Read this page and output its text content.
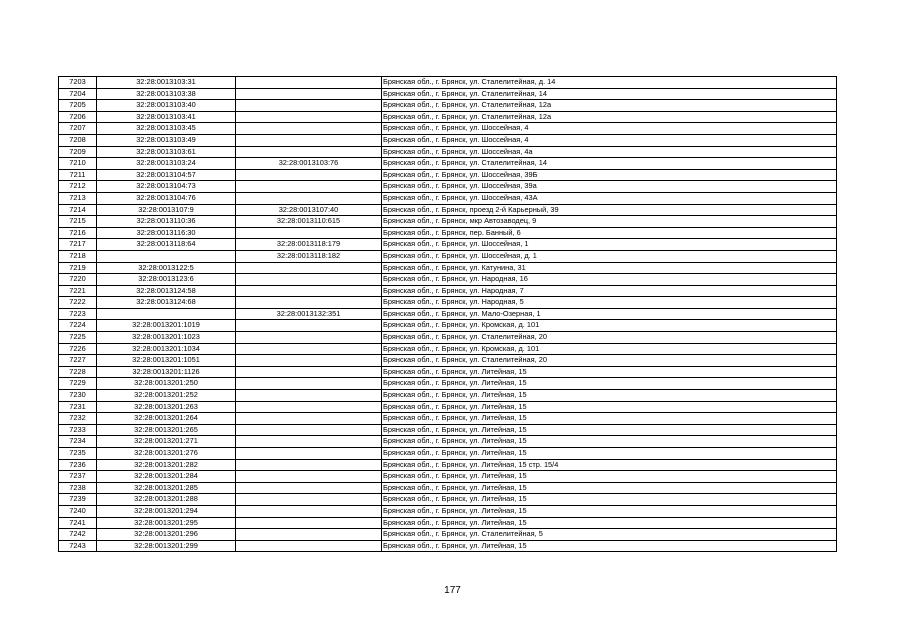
7203	32:28:0013103:31		Брянская обл., г. Брянск, ул. Сталелитейная, д. 14
7204	32:28:0013103:38		Брянская обл., г. Брянск, ул. Сталелитейная, 14
7205	32:28:0013103:40		Брянская обл., г. Брянск, ул. Сталелитейная, 12а
7206	32:28:0013103:41		Брянская обл., г. Брянск, ул. Сталелитейная, 12а
7207	32:28:0013103:45		Брянская обл., г. Брянск, ул. Шоссейная, 4
7208	32:28:0013103:49		Брянская обл., г. Брянск, ул. Шоссейная, 4
7209	32:28:0013103:61		Брянская обл., г. Брянск, ул. Шоссейная, 4а
7210	32:28:0013103:24	32:28:0013103:76	Брянская обл., г. Брянск, ул. Сталелитейная, 14
7211	32:28:0013104:57		Брянская обл., г. Брянск, ул. Шоссейная, 39Б
7212	32:28:0013104:73		Брянская обл., г. Брянск, ул. Шоссейная, 39а
7213	32:28:0013104:76		Брянская обл., г. Брянск, ул. Шоссейная, 43А
7214	32:28:0013107:9	32:28:0013107:40	Брянская обл., г. Брянск, проезд 2-й Карьерный, 39
7215	32:28:0013110:36	32:28:0013110:615	Брянская обл., г. Брянск, мкр Автозаводец, 9
7216	32:28:0013116:30		Брянская обл., г. Брянск, пер. Банный, 6
7217	32:28:0013118:64	32:28:0013118:179	Брянская обл., г. Брянск, ул. Шоссейная, 1
7218		32:28:0013118:182	Брянская обл., г. Брянск, ул. Шоссейная, д. 1
7219	32:28:0013122:5		Брянская обл., г. Брянск, ул. Катунина, 31
7220	32:28:0013123:6		Брянская обл., г. Брянск, ул. Народная, 16
7221	32:28:0013124:58		Брянская обл., г. Брянск, ул. Народная, 7
7222	32:28:0013124:68		Брянская обл., г. Брянск, ул. Народная, 5
7223		32:28:0013132:351	Брянская обл., г. Брянск, ул. Мало-Озерная, 1
7224	32:28:0013201:1019		Брянская обл., г. Брянск, ул. Кромская, д. 101
7225	32:28:0013201:1023		Брянская обл., г. Брянск, ул. Сталелитейная, 20
7226	32:28:0013201:1034		Брянская обл., г. Брянск, ул. Кромская, д. 101
7227	32:28:0013201:1051		Брянская обл., г. Брянск, ул. Сталелитейная, 20
7228	32:28:0013201:1126		Брянская обл., г. Брянск, ул. Литейная, 15
7229	32:28:0013201:250		Брянская обл., г. Брянск, ул. Литейная, 15
7230	32:28:0013201:252		Брянская обл., г. Брянск, ул. Литейная, 15
7231	32:28:0013201:263		Брянская обл., г. Брянск, ул. Литейная, 15
7232	32:28:0013201:264		Брянская обл., г. Брянск, ул. Литейная, 15
7233	32:28:0013201:265		Брянская обл., г. Брянск, ул. Литейная, 15
7234	32:28:0013201:271		Брянская обл., г. Брянск, ул. Литейная, 15
7235	32:28:0013201:276		Брянская обл., г. Брянск, ул. Литейная, 15
7236	32:28:0013201:282		Брянская обл., г. Брянск, ул. Литейная, 15 стр. 15/4
7237	32:28:0013201:284		Брянская обл., г. Брянск, ул. Литейная, 15
7238	32:28:0013201:285		Брянская обл., г. Брянск, ул. Литейная, 15
7239	32:28:0013201:288		Брянская обл., г. Брянск, ул. Литейная, 15
7240	32:28:0013201:294		Брянская обл., г. Брянск, ул. Литейная, 15
7241	32:28:0013201:295		Брянская обл., г. Брянск, ул. Литейная, 15
7242	32:28:0013201:296		Брянская обл., г. Брянск, ул. Сталелитейная, 5
7243	32:28:0013201:299		Брянская обл., г. Брянск, ул. Литейная, 15
177
